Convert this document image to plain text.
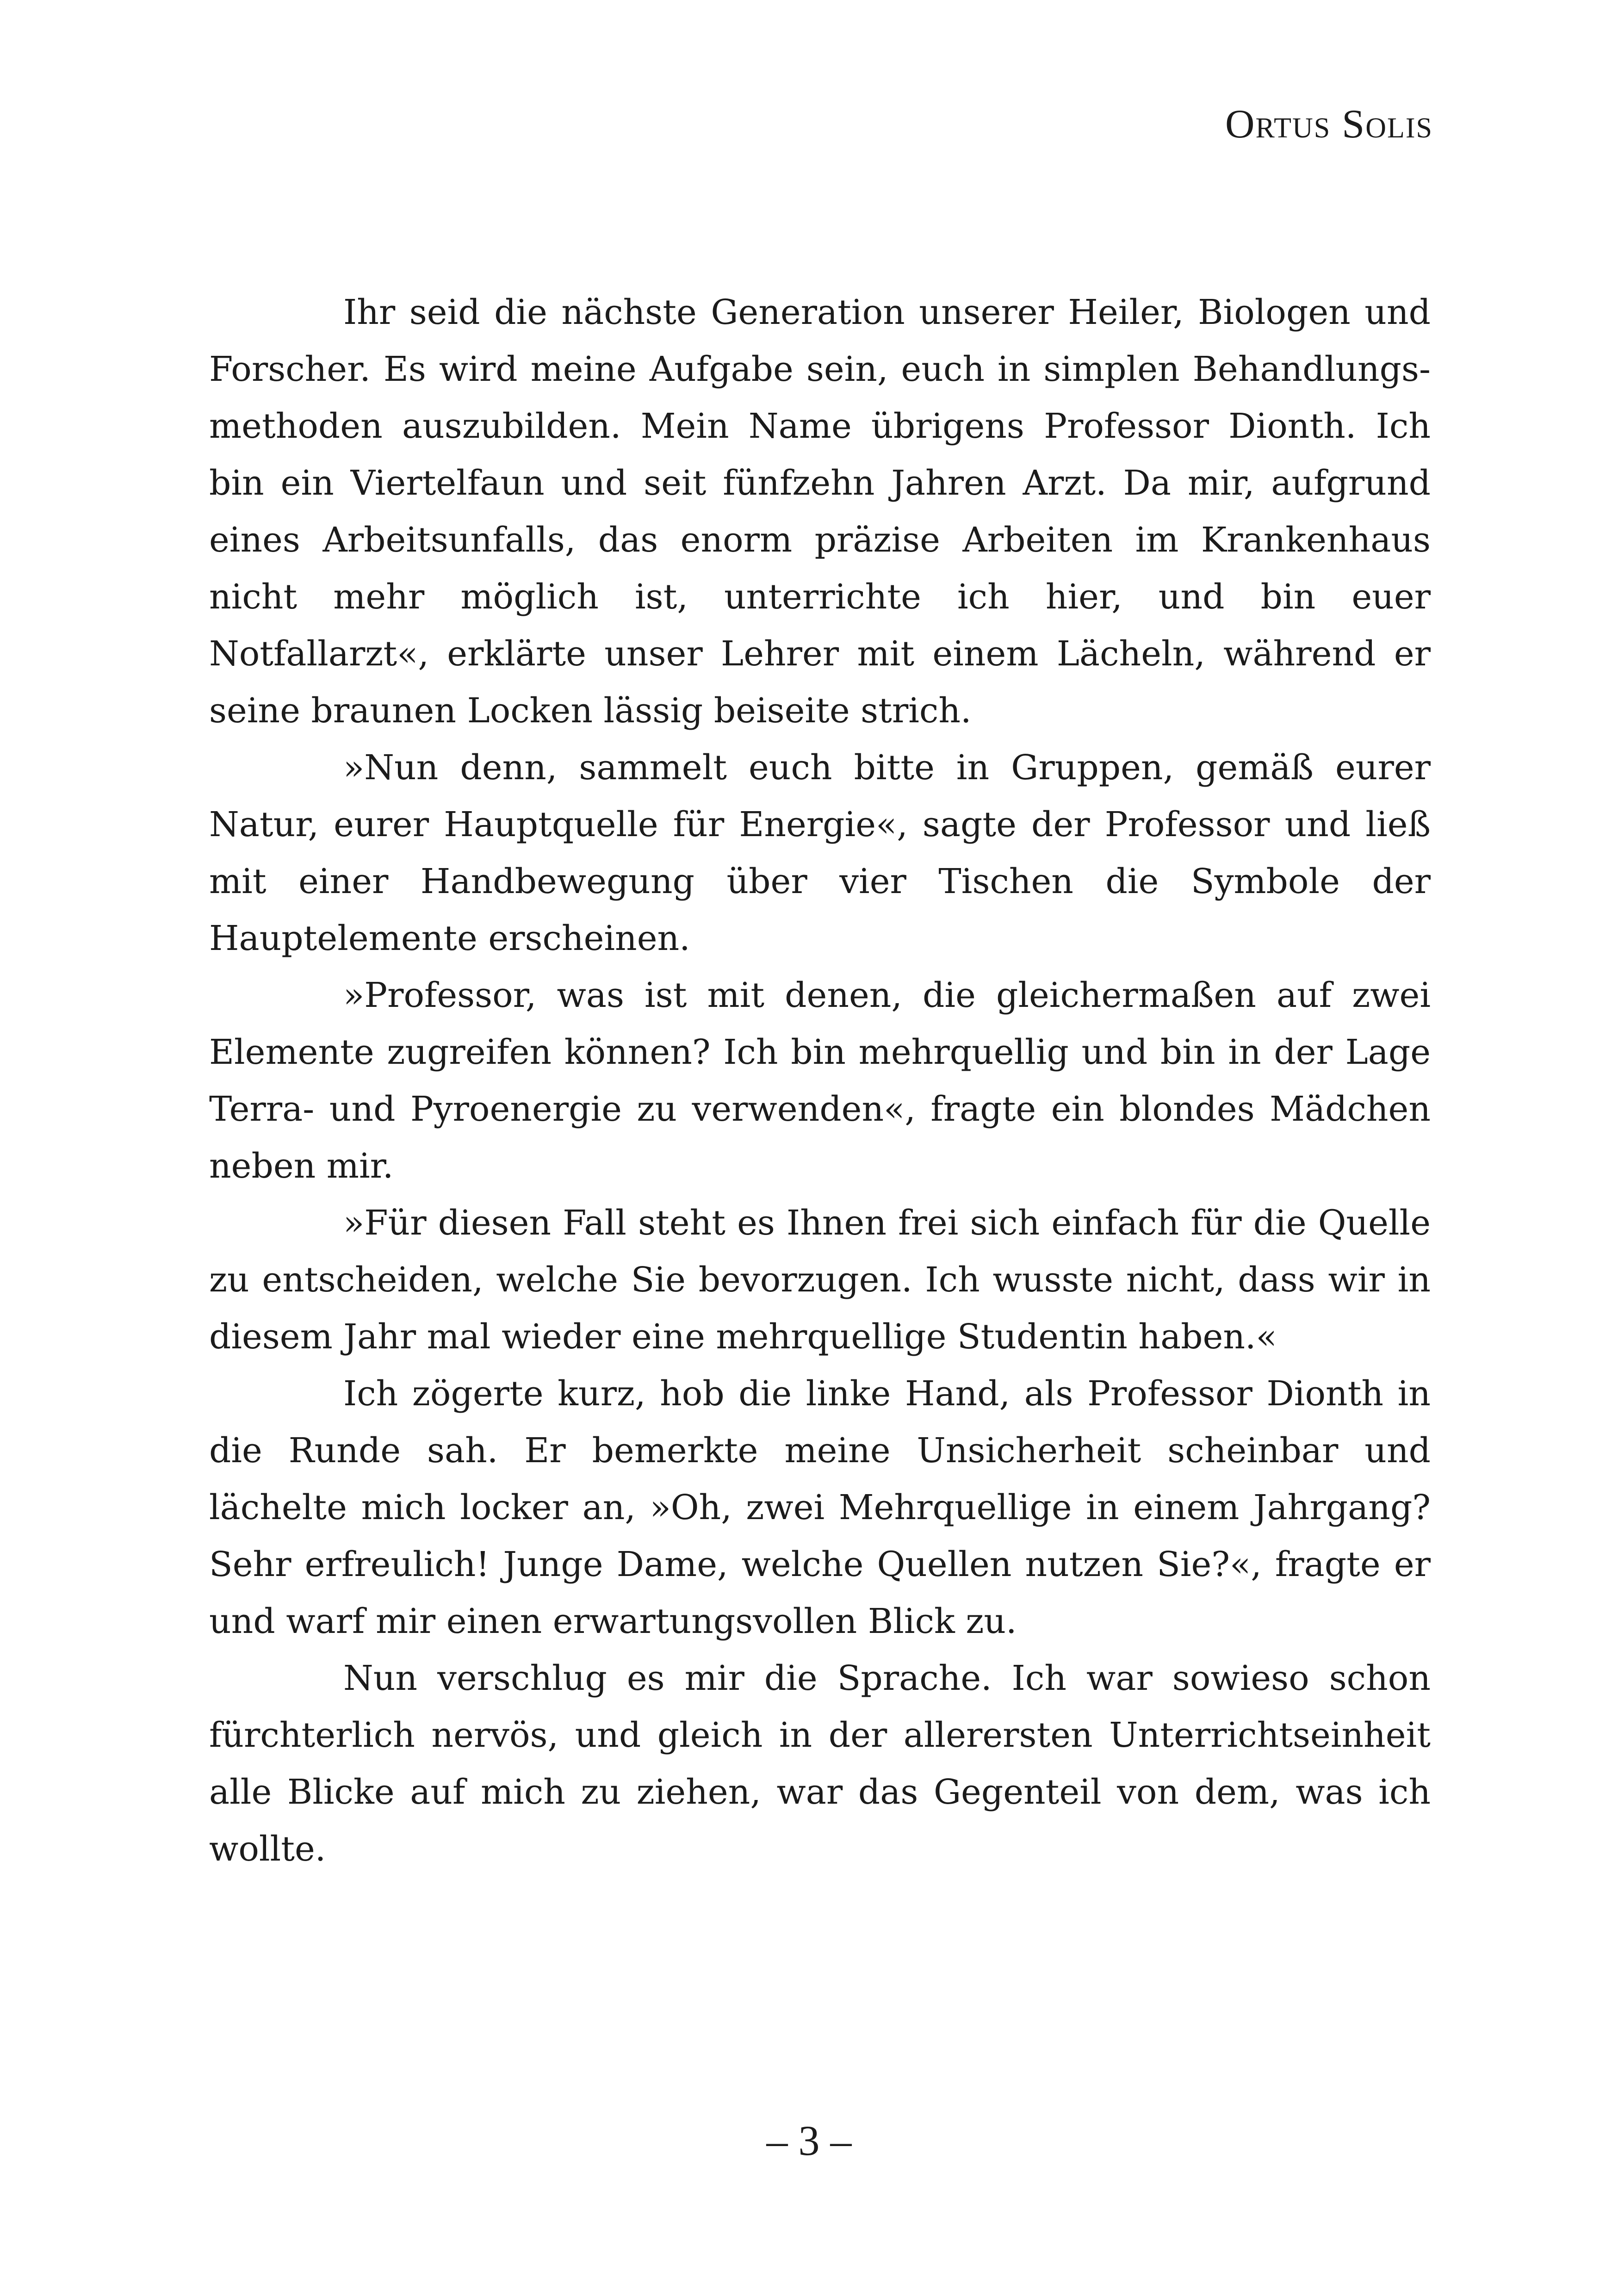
Ortus Solis

Ihr seid die nächste Generation unserer Heiler, Biologen und Forscher. Es wird meine Aufgabe sein, euch in simplen Behandlungsmethoden auszubilden. Mein Name übrigens Professor Dionth. Ich bin ein Viertelfaun und seit fünfzehn Jahren Arzt. Da mir, aufgrund eines Arbeitsunfalls, das enorm präzise Arbeiten im Krankenhaus nicht mehr möglich ist, unterrichte ich hier, und bin euer Notfallarzt«, erklärte unser Lehrer mit einem Lächeln, während er seine braunen Locken lässig beiseite strich.

»Nun denn, sammelt euch bitte in Gruppen, gemäß eurer Natur, eurer Hauptquelle für Energie«, sagte der Professor und ließ mit einer Handbewegung über vier Tischen die Symbole der Hauptelemente erscheinen.

»Professor, was ist mit denen, die gleichermaßen auf zwei Elemente zugreifen können? Ich bin mehrquellig und bin in der Lage Terra- und Pyroenergie zu verwenden«, fragte ein blondes Mädchen neben mir.

»Für diesen Fall steht es Ihnen frei sich einfach für die Quelle zu entscheiden, welche Sie bevorzugen. Ich wusste nicht, dass wir in diesem Jahr mal wieder eine mehrquellige Studentin haben.«

Ich zögerte kurz, hob die linke Hand, als Professor Dionth in die Runde sah. Er bemerkte meine Unsicherheit scheinbar und lächelte mich locker an, »Oh, zwei Mehrquellige in einem Jahrgang? Sehr erfreulich! Junge Dame, welche Quellen nutzen Sie?«, fragte er und warf mir einen erwartungsvollen Blick zu.

Nun verschlug es mir die Sprache. Ich war sowieso schon fürchterlich nervös, und gleich in der allerersten Unterrichtseinheit alle Blicke auf mich zu ziehen, war das Gegenteil von dem, was ich wollte.

– 3 –
